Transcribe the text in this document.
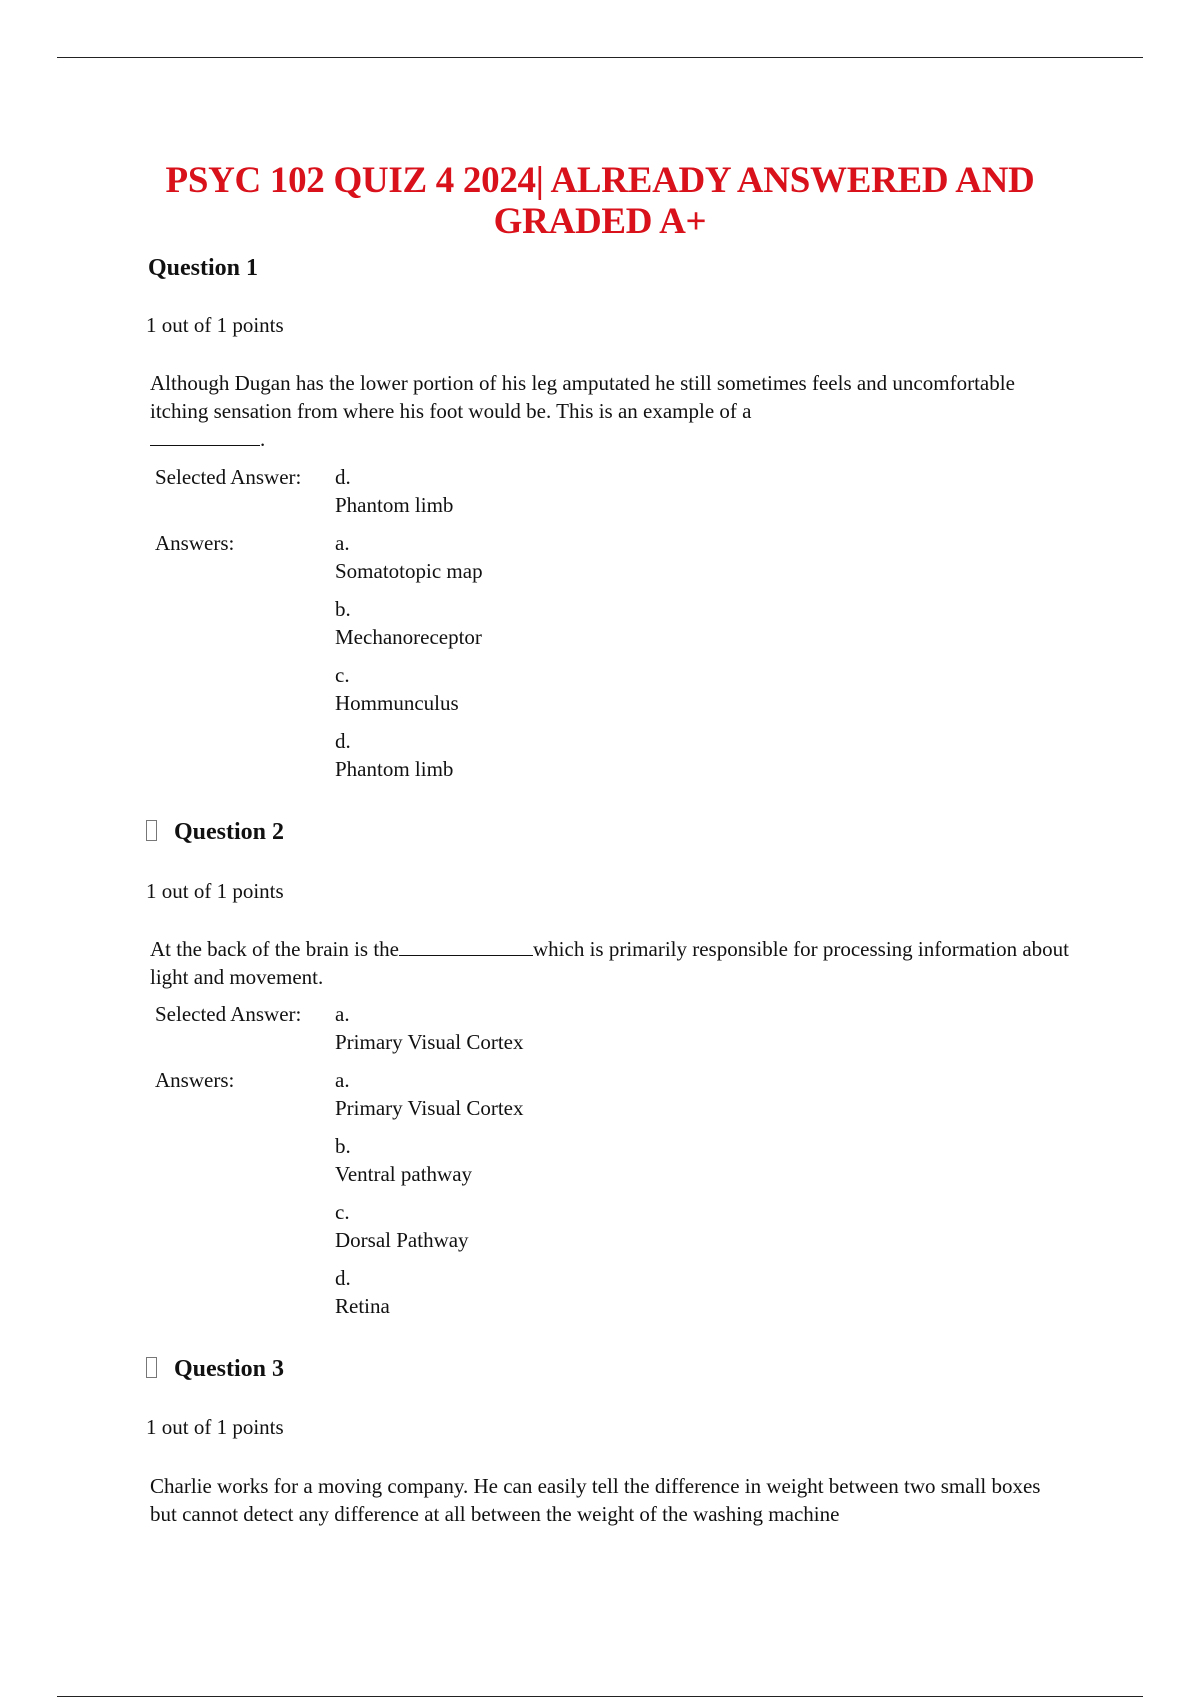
PSYC 102 QUIZ 4 2024| ALREADY ANSWERED AND
GRADED A+
Question 1

1 out of 1 points

Although Dugan has the lower portion of his leg amputated he still sometimes feels and uncomfortable itching sensation from where his foot would be. This is an example of a
.

Selected Answer:	d.
Phantom limb
Answers:	a.
Somatotopic map
b.
Mechanoreceptor
c.
Hommunculus
d.
Phantom limb
Question 2

1 out of 1 points

At the back of the brain is the	which is primarily responsible for processing information about light and movement.

Selected Answer:	a.
Primary Visual Cortex
Answers:	a.
Primary Visual Cortex
b.
Ventral pathway
c.
Dorsal Pathway
d.
Retina
Question 3

1 out of 1 points

Charlie works for a moving company. He can easily tell the difference in weight between two small boxes but cannot detect any difference at all between the weight of the washing machine
